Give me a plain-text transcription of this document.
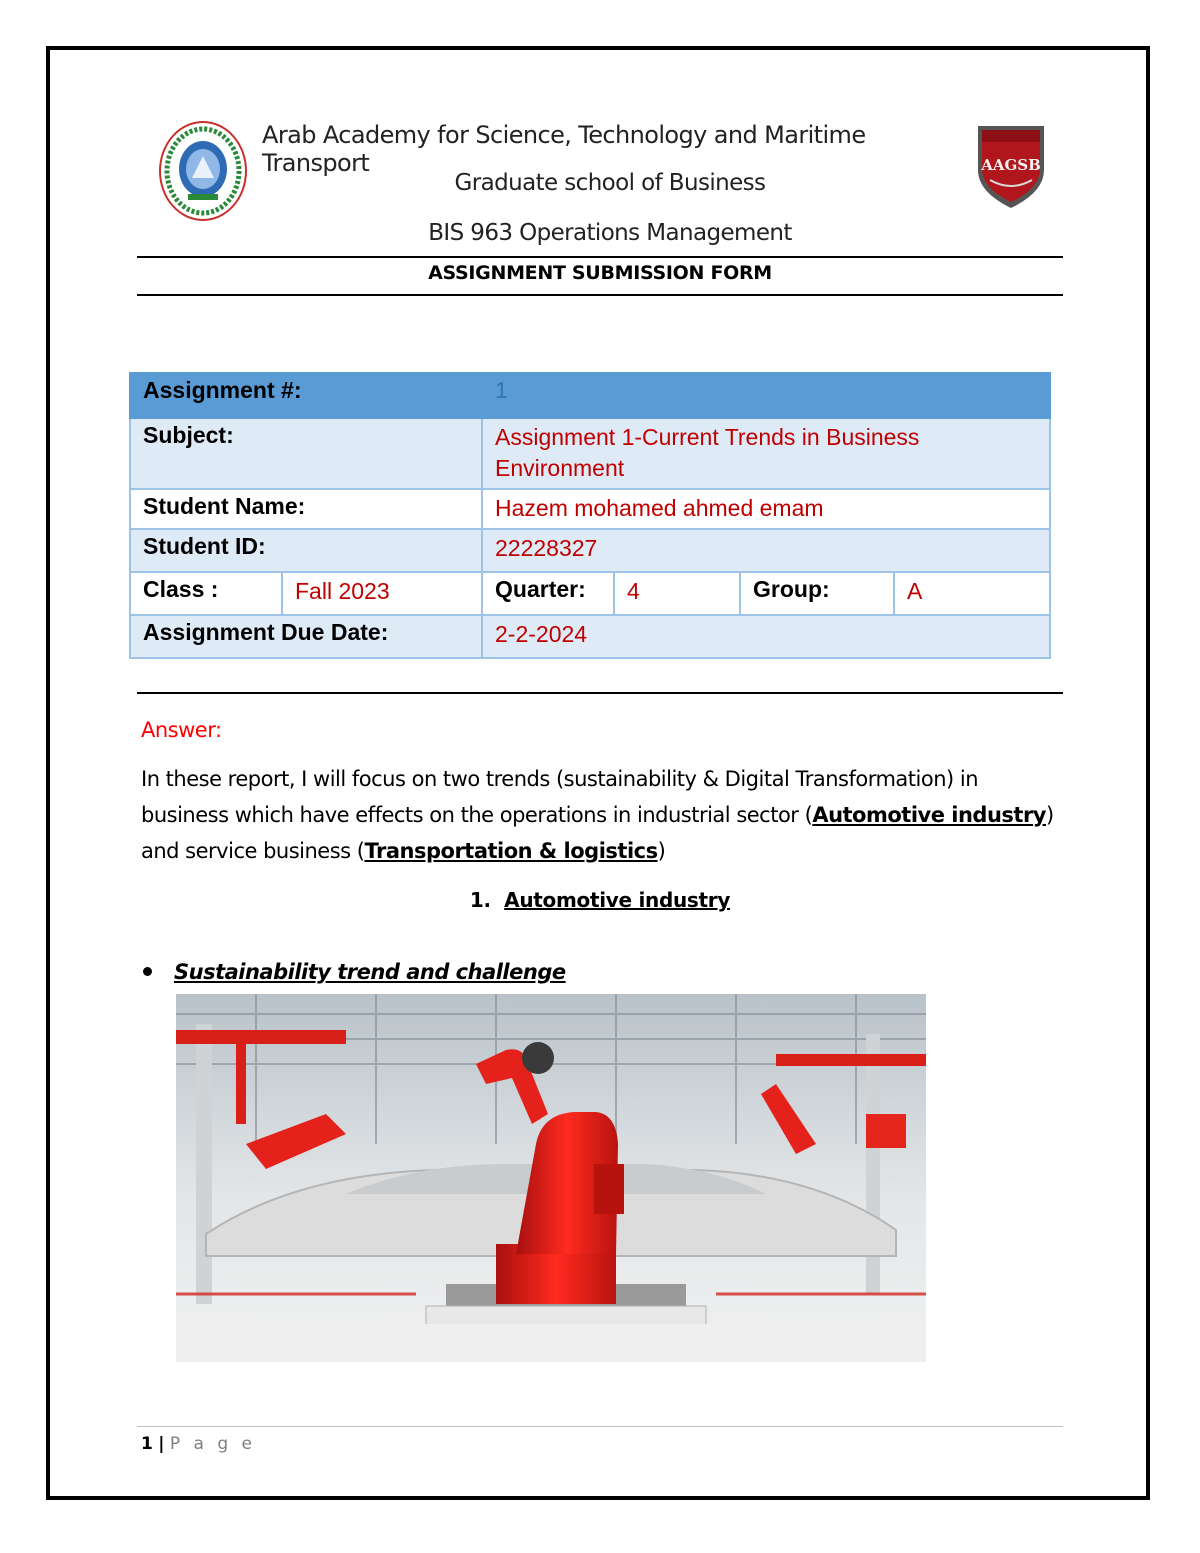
AAGSB
Arab Academy for Science, Technology and Maritime Transport
Graduate school of Business
BIS 963 Operations Management
ASSIGNMENT SUBMISSION FORM
Assignment #:		1			
Subject:		Assignment 1-Current Trends in Business Environment			
Student Name:		Hazem mohamed ahmed emam			
Student ID:		22228327			
Class :	Fall 2023	Quarter:	4	Group:	A
Assignment Due Date:		2-2-2024			
Answer:
In these report, I will focus on two trends (sustainability & Digital Transformation) in business which have effects on the operations in industrial sector (Automotive industry) and service business (Transportation & logistics)
1. Automotive industry
Sustainability trend and challenge
1 | P a g e
